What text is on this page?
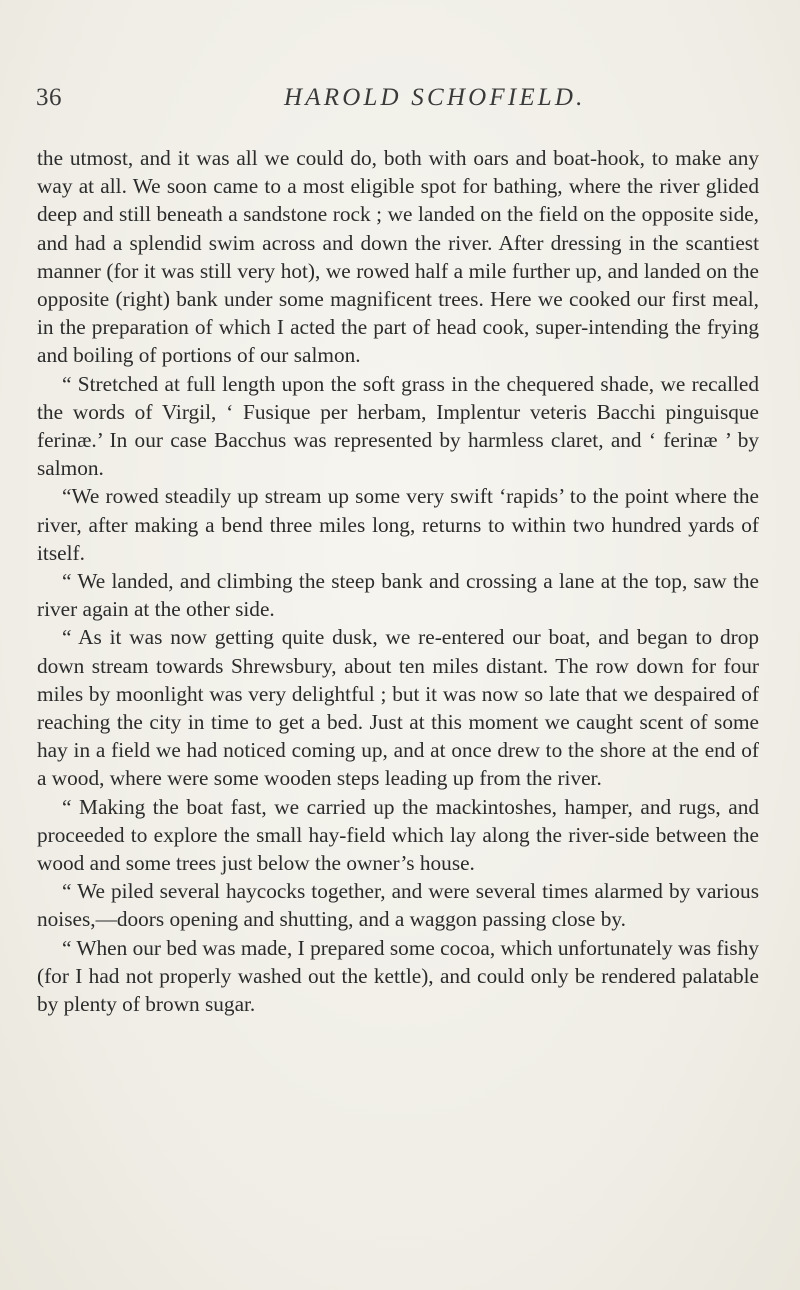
36	HAROLD SCHOFIELD.

the utmost, and it was all we could do, both with oars and boat-hook, to make any way at all. We soon came to a most eligible spot for bathing, where the river glided deep and still beneath a sandstone rock ; we landed on the field on the opposite side, and had a splendid swim across and down the river. After dressing in the scantiest manner (for it was still very hot), we rowed half a mile further up, and landed on the opposite (right) bank under some magnificent trees. Here we cooked our first meal, in the preparation of which I acted the part of head cook, super-intending the frying and boiling of portions of our salmon.

“ Stretched at full length upon the soft grass in the chequered shade, we recalled the words of Virgil, ‘ Fusique per herbam, Implentur veteris Bacchi pinguisque ferinæ.’ In our case Bacchus was represented by harmless claret, and ‘ ferinæ ’ by salmon.

“We rowed steadily up stream up some very swift ‘rapids’ to the point where the river, after making a bend three miles long, returns to within two hundred yards of itself.

“ We landed, and climbing the steep bank and crossing a lane at the top, saw the river again at the other side.

“ As it was now getting quite dusk, we re-entered our boat, and began to drop down stream towards Shrewsbury, about ten miles distant. The row down for four miles by moonlight was very delightful ; but it was now so late that we despaired of reaching the city in time to get a bed. Just at this moment we caught scent of some hay in a field we had noticed coming up, and at once drew to the shore at the end of a wood, where were some wooden steps leading up from the river.

“ Making the boat fast, we carried up the mackintoshes, hamper, and rugs, and proceeded to explore the small hay-field which lay along the river-side between the wood and some trees just below the owner’s house.

“ We piled several haycocks together, and were several times alarmed by various noises,—doors opening and shutting, and a waggon passing close by.

“ When our bed was made, I prepared some cocoa, which unfortunately was fishy (for I had not properly washed out the kettle), and could only be rendered palatable by plenty of brown sugar.
